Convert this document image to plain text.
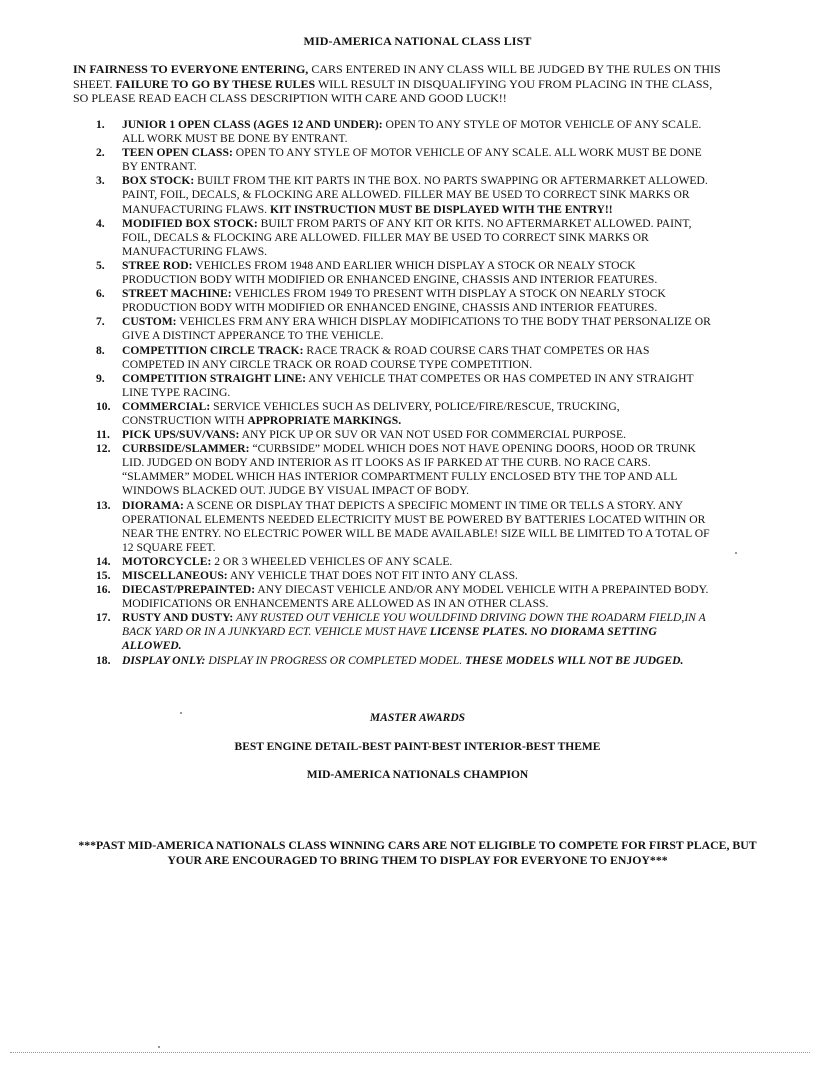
MID-AMERICA NATIONAL CLASS LIST
IN FAIRNESS TO EVERYONE ENTERING, CARS ENTERED IN ANY CLASS WILL BE JUDGED BY THE RULES ON THIS SHEET. FAILURE TO GO BY THESE RULES WILL RESULT IN DISQUALIFYING YOU FROM PLACING IN THE CLASS, SO PLEASE READ EACH CLASS DESCRIPTION WITH CARE AND GOOD LUCK!!
1.	JUNIOR 1 OPEN CLASS (AGES 12 AND UNDER): OPEN TO ANY STYLE OF MOTOR VEHICLE OF ANY SCALE. ALL WORK MUST BE DONE BY ENTRANT.
2.	TEEN OPEN CLASS: OPEN TO ANY STYLE OF MOTOR VEHICLE OF ANY SCALE. ALL WORK MUST BE DONE BY ENTRANT.
3.	BOX STOCK: BUILT FROM THE KIT PARTS IN THE BOX. NO PARTS SWAPPING OR AFTERMARKET ALLOWED. PAINT, FOIL, DECALS, & FLOCKING ARE ALLOWED. FILLER MAY BE USED TO CORRECT SINK MARKS OR MANUFACTURING FLAWS. KIT INSTRUCTION MUST BE DISPLAYED WITH THE ENTRY!!
4.	MODIFIED BOX STOCK: BUILT FROM PARTS OF ANY KIT OR KITS. NO AFTERMARKET ALLOWED. PAINT, FOIL, DECALS & FLOCKING ARE ALLOWED. FILLER MAY BE USED TO CORRECT SINK MARKS OR MANUFACTURING FLAWS.
5.	STREE ROD: VEHICLES FROM 1948 AND EARLIER WHICH DISPLAY A STOCK OR NEALY STOCK PRODUCTION BODY WITH MODIFIED OR ENHANCED ENGINE, CHASSIS AND INTERIOR FEATURES.
6.	STREET MACHINE: VEHICLES FROM 1949 TO PRESENT WITH DISPLAY A STOCK ON NEARLY STOCK PRODUCTION BODY WITH MODIFIED OR ENHANCED ENGINE, CHASSIS AND INTERIOR FEATURES.
7.	CUSTOM: VEHICLES FRM ANY ERA WHICH DISPLAY MODIFICATIONS TO THE BODY THAT PERSONALIZE OR GIVE A DISTINCT APPERANCE TO THE VEHICLE.
8.	COMPETITION CIRCLE TRACK: RACE TRACK & ROAD COURSE CARS THAT COMPETES OR HAS COMPETED IN ANY CIRCLE TRACK OR ROAD COURSE TYPE COMPETITION.
9.	COMPETITION STRAIGHT LINE: ANY VEHICLE THAT COMPETES OR HAS COMPETED IN ANY STRAIGHT LINE TYPE RACING.
10. COMMERCIAL: SERVICE VEHICLES SUCH AS DELIVERY, POLICE/FIRE/RESCUE, TRUCKING, CONSTRUCTION WITH APPROPRIATE MARKINGS.
11.	PICK UPS/SUV/VANS: ANY PICK UP OR SUV OR VAN NOT USED FOR COMMERCIAL PURPOSE.
12. CURBSIDE/SLAMMER: “CURBSIDE” MODEL WHICH DOES NOT HAVE OPENING DOORS, HOOD OR TRUNK LID. JUDGED ON BODY AND INTERIOR AS IT LOOKS AS IF PARKED AT THE CURB. NO RACE CARS. “SLAMMER” MODEL WHICH HAS INTERIOR COMPARTMENT FULLY ENCLOSED BTY THE TOP AND ALL WINDOWS BLACKED OUT. JUDGE BY VISUAL IMPACT OF BODY.
13. DIORAMA: A SCENE OR DISPLAY THAT DEPICTS A SPECIFIC MOMENT IN TIME OR TELLS A STORY. ANY OPERATIONAL ELEMENTS NEEDED ELECTRICITY MUST BE POWERED BY BATTERIES LOCATED WITHIN OR NEAR THE ENTRY. NO ELECTRIC POWER WILL BE MADE AVAILABLE! SIZE WILL BE LIMITED TO A TOTAL OF 12 SQUARE FEET.
14. MOTORCYCLE: 2 OR 3 WHEELED VEHICLES OF ANY SCALE.
15. MISCELLANEOUS: ANY VEHICLE THAT DOES NOT FIT INTO ANY CLASS.
16. DIECAST/PREPAINTED: ANY DIECAST VEHICLE AND/OR ANY MODEL VEHICLE WITH A PREPAINTED BODY. MODIFICATIONS OR ENHANCEMENTS ARE ALLOWED AS IN AN OTHER CLASS.
17. RUSTY AND DUSTY: ANY RUSTED OUT VEHICLE YOU WOULDFIND DRIVING DOWN THE ROADARM FIELD,IN A BACK YARD OR IN A JUNKYARD ECT. VEHICLE MUST HAVE LICENSE PLATES. NO DIORAMA SETTING ALLOWED.
18. DISPLAY ONLY: DISPLAY IN PROGRESS OR COMPLETED MODEL. THESE MODELS WILL NOT BE JUDGED.
MASTER AWARDS
BEST ENGINE DETAIL-BEST PAINT-BEST INTERIOR-BEST THEME
MID-AMERICA NATIONALS CHAMPION
***PAST MID-AMERICA NATIONALS CLASS WINNING CARS ARE NOT ELIGIBLE TO COMPETE FOR FIRST PLACE, BUT YOUR ARE ENCOURAGED TO BRING THEM TO DISPLAY FOR EVERYONE TO ENJOY***
